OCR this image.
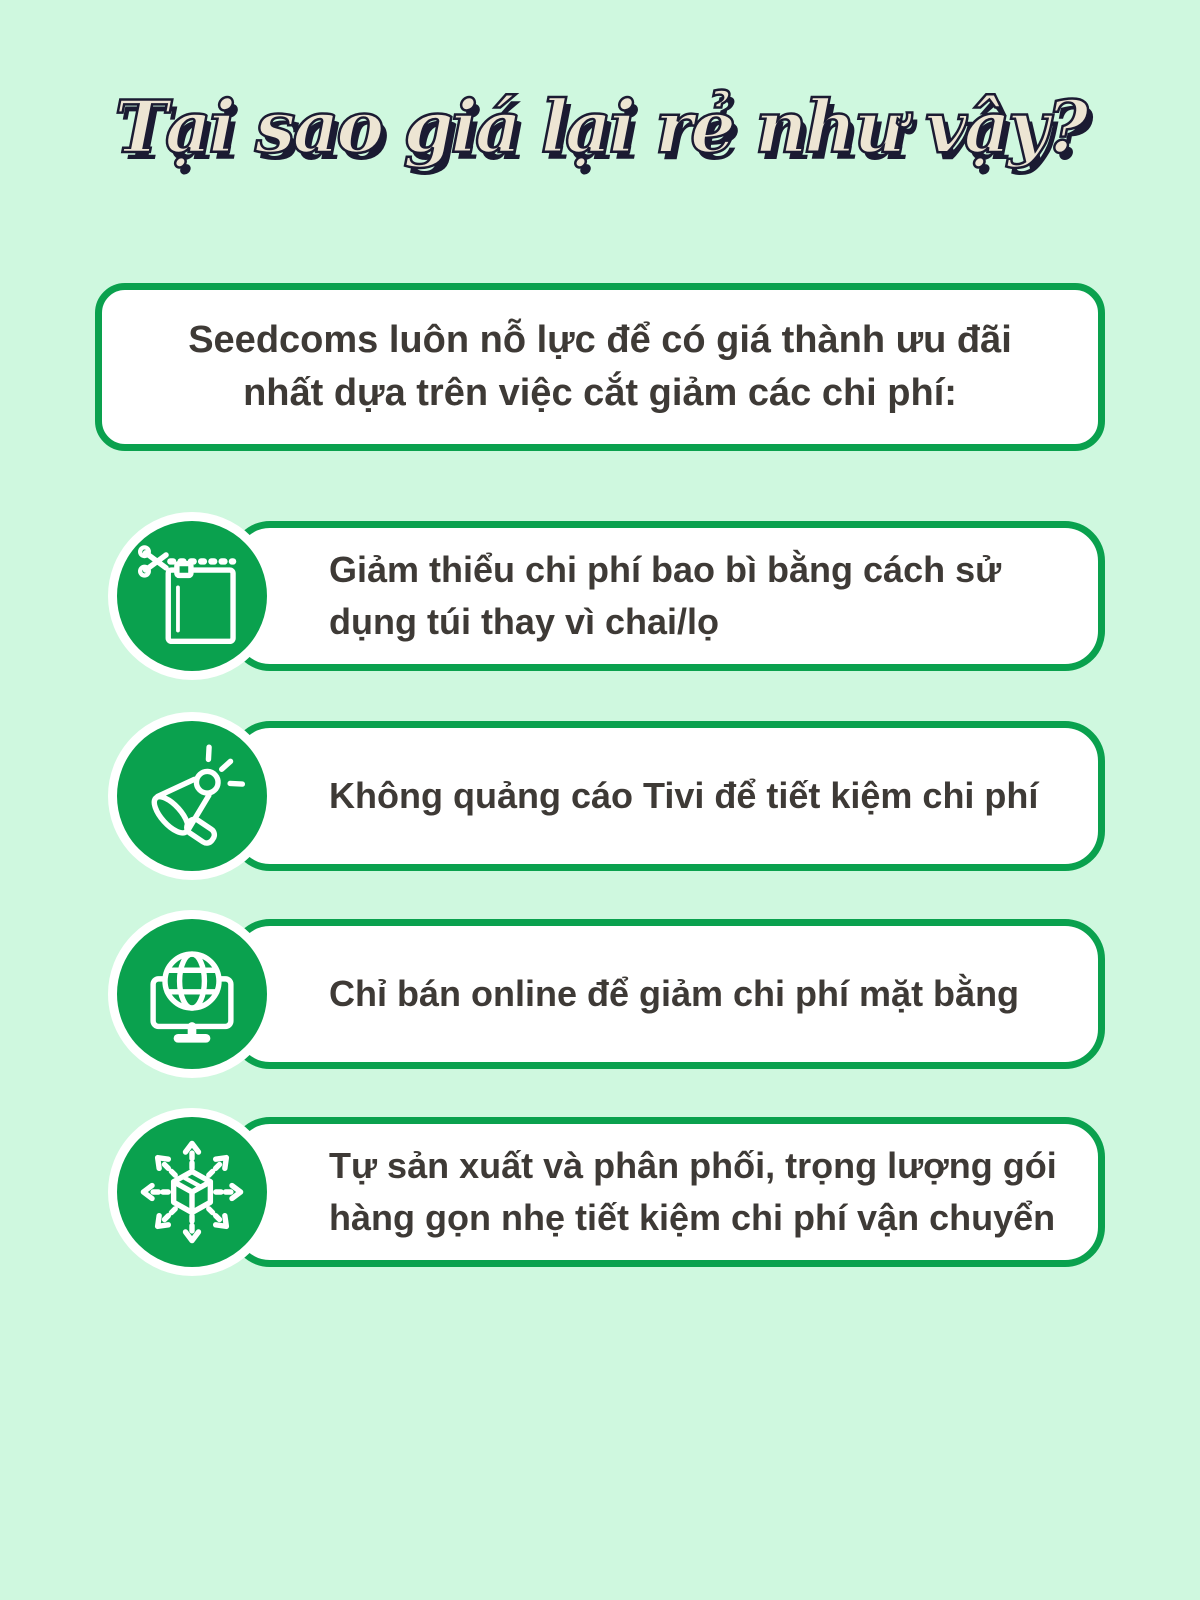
Tại sao giá lại rẻ như vậy?
Seedcoms luôn nỗ lực để có giá thành ưu đãi
nhất dựa trên việc cắt giảm các chi phí:
Giảm thiểu chi phí bao bì bằng cách sử dụng túi thay vì chai/lọ
Không quảng cáo Tivi để tiết kiệm chi phí
Chỉ bán online để giảm chi phí mặt bằng
Tự sản xuất và phân phối, trọng lượng gói hàng gọn nhẹ tiết kiệm chi phí vận chuyển
